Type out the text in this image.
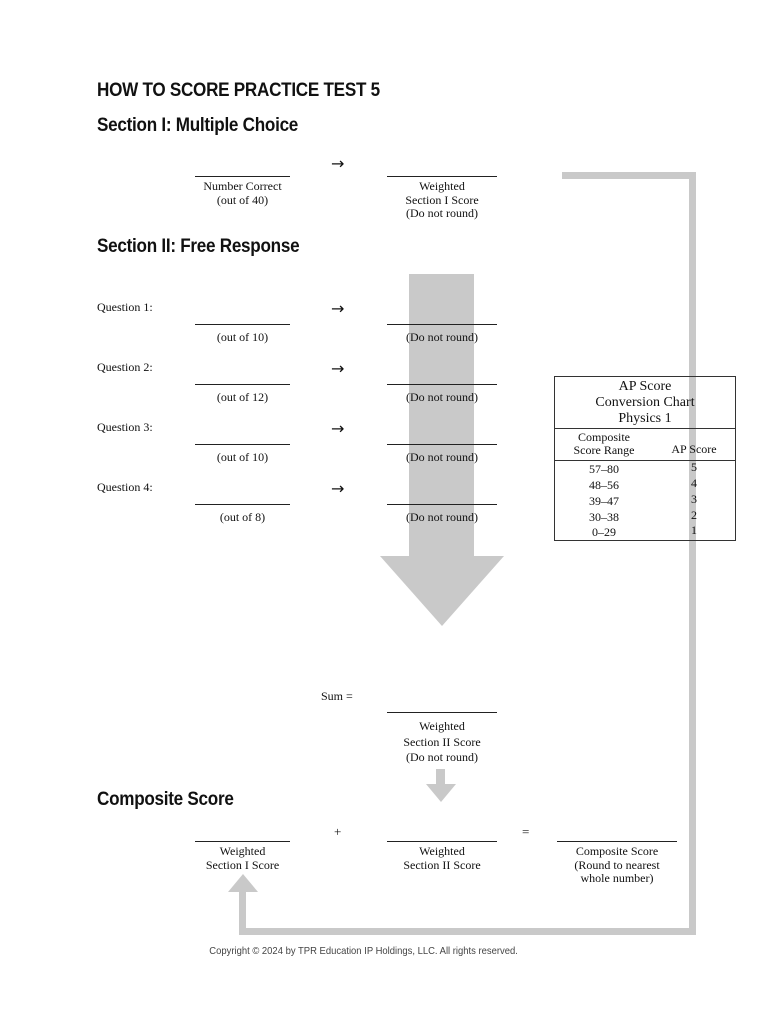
HOW TO SCORE PRACTICE TEST 5
Section I: Multiple Choice
→
Number Correct
(out of 40)
Weighted
Section I Score
(Do not round)
Section II: Free Response
Question 1:	→
(out of 10)	(Do not round)
Question 2:	→
(out of 12)	(Do not round)
Question 3:	→
(out of 10)	(Do not round)
Question 4:	→
(out of 8)	(Do not round)
AP Score
Conversion Chart
Physics 1
Composite
Score Range	AP Score
57–80	5
48–56	4
39–47	3
30–38	2
0–29	1
Sum =
Weighted
Section II Score
(Do not round)
Composite Score
+	=
Weighted
Section I Score
Weighted
Section II Score
Composite Score
(Round to nearest
whole number)
Copyright © 2024 by TPR Education IP Holdings, LLC. All rights reserved.
